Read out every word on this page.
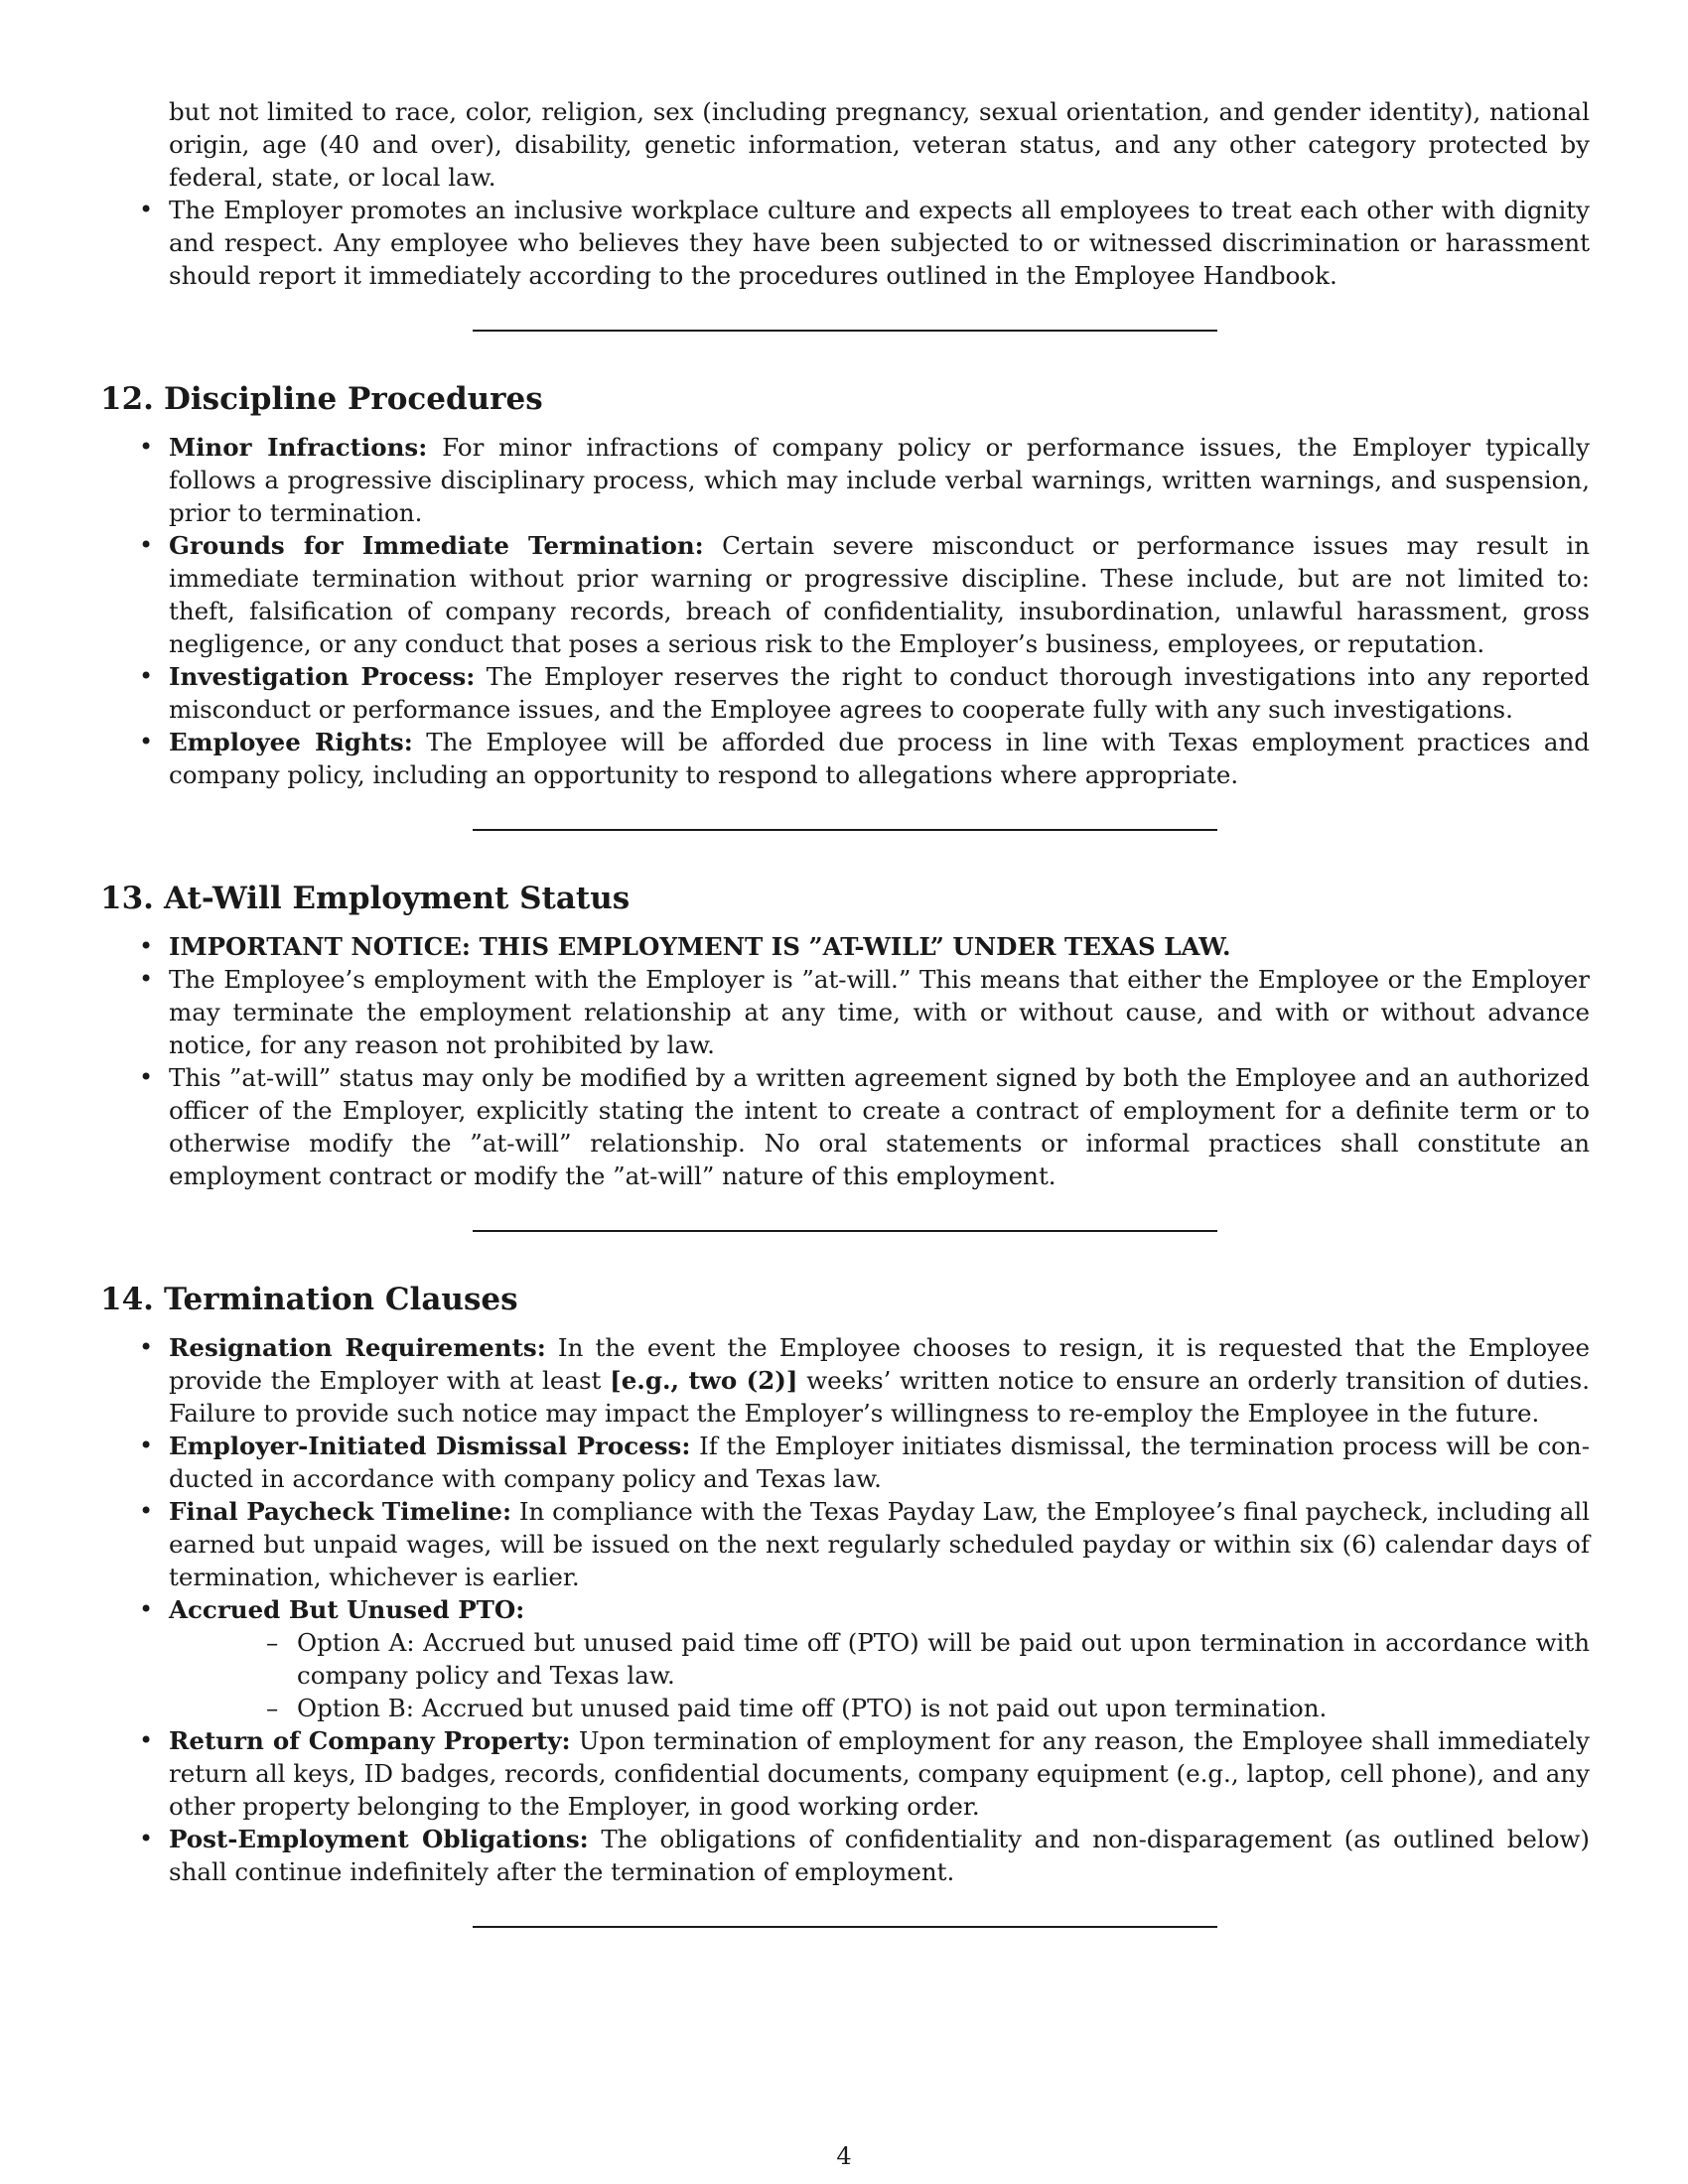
but not limited to race, color, religion, sex (including pregnancy, sexual orientation, and gender identity), national origin, age (40 and over), disability, genetic information, veteran status, and any other category protected by federal, state, or local law.
• The Employer promotes an inclusive workplace culture and expects all employees to treat each other with dignity and respect. Any employee who believes they have been subjected to or witnessed discrimination or harassment should report it immediately according to the procedures outlined in the Employee Handbook.
12. Discipline Procedures
• Minor Infractions: For minor infractions of company policy or performance issues, the Employer typically follows a progressive disciplinary process, which may include verbal warnings, written warnings, and suspension, prior to termination.
• Grounds for Immediate Termination: Certain severe misconduct or performance issues may result in immediate termination without prior warning or progressive discipline. These include, but are not limited to: theft, falsification of company records, breach of confidentiality, insubordination, unlawful harassment, gross negligence, or any conduct that poses a serious risk to the Employer’s business, employees, or reputation.
• Investigation Process: The Employer reserves the right to conduct thorough investigations into any reported misconduct or performance issues, and the Employee agrees to cooperate fully with any such investigations.
• Employee Rights: The Employee will be afforded due process in line with Texas employment practices and company policy, including an opportunity to respond to allegations where appropriate.
13. At-Will Employment Status
• IMPORTANT NOTICE: THIS EMPLOYMENT IS ”AT-WILL” UNDER TEXAS LAW.
• The Employee’s employment with the Employer is ”at-will.” This means that either the Employee or the Employer may terminate the employment relationship at any time, with or without cause, and with or without advance notice, for any reason not prohibited by law.
• This ”at-will” status may only be modified by a written agreement signed by both the Employee and an authorized officer of the Employer, explicitly stating the intent to create a contract of employment for a definite term or to otherwise modify the ”at-will” relationship. No oral statements or informal practices shall constitute an employment contract or modify the ”at-will” nature of this employment.
14. Termination Clauses
• Resignation Requirements: In the event the Employee chooses to resign, it is requested that the Employee provide the Employer with at least [e.g., two (2)] weeks’ written notice to ensure an orderly transition of duties. Failure to provide such notice may impact the Employer’s willingness to re-employ the Employee in the future.
• Employer-Initiated Dismissal Process: If the Employer initiates dismissal, the termination process will be conducted in accordance with company policy and Texas law.
• Final Paycheck Timeline: In compliance with the Texas Payday Law, the Employee’s final paycheck, including all earned but unpaid wages, will be issued on the next regularly scheduled payday or within six (6) calendar days of termination, whichever is earlier.
• Accrued But Unused PTO:
– Option A: Accrued but unused paid time off (PTO) will be paid out upon termination in accordance with company policy and Texas law.
– Option B: Accrued but unused paid time off (PTO) is not paid out upon termination.
• Return of Company Property: Upon termination of employment for any reason, the Employee shall immediately return all keys, ID badges, records, confidential documents, company equipment (e.g., laptop, cell phone), and any other property belonging to the Employer, in good working order.
• Post-Employment Obligations: The obligations of confidentiality and non-disparagement (as outlined below) shall continue indefinitely after the termination of employment.
4
